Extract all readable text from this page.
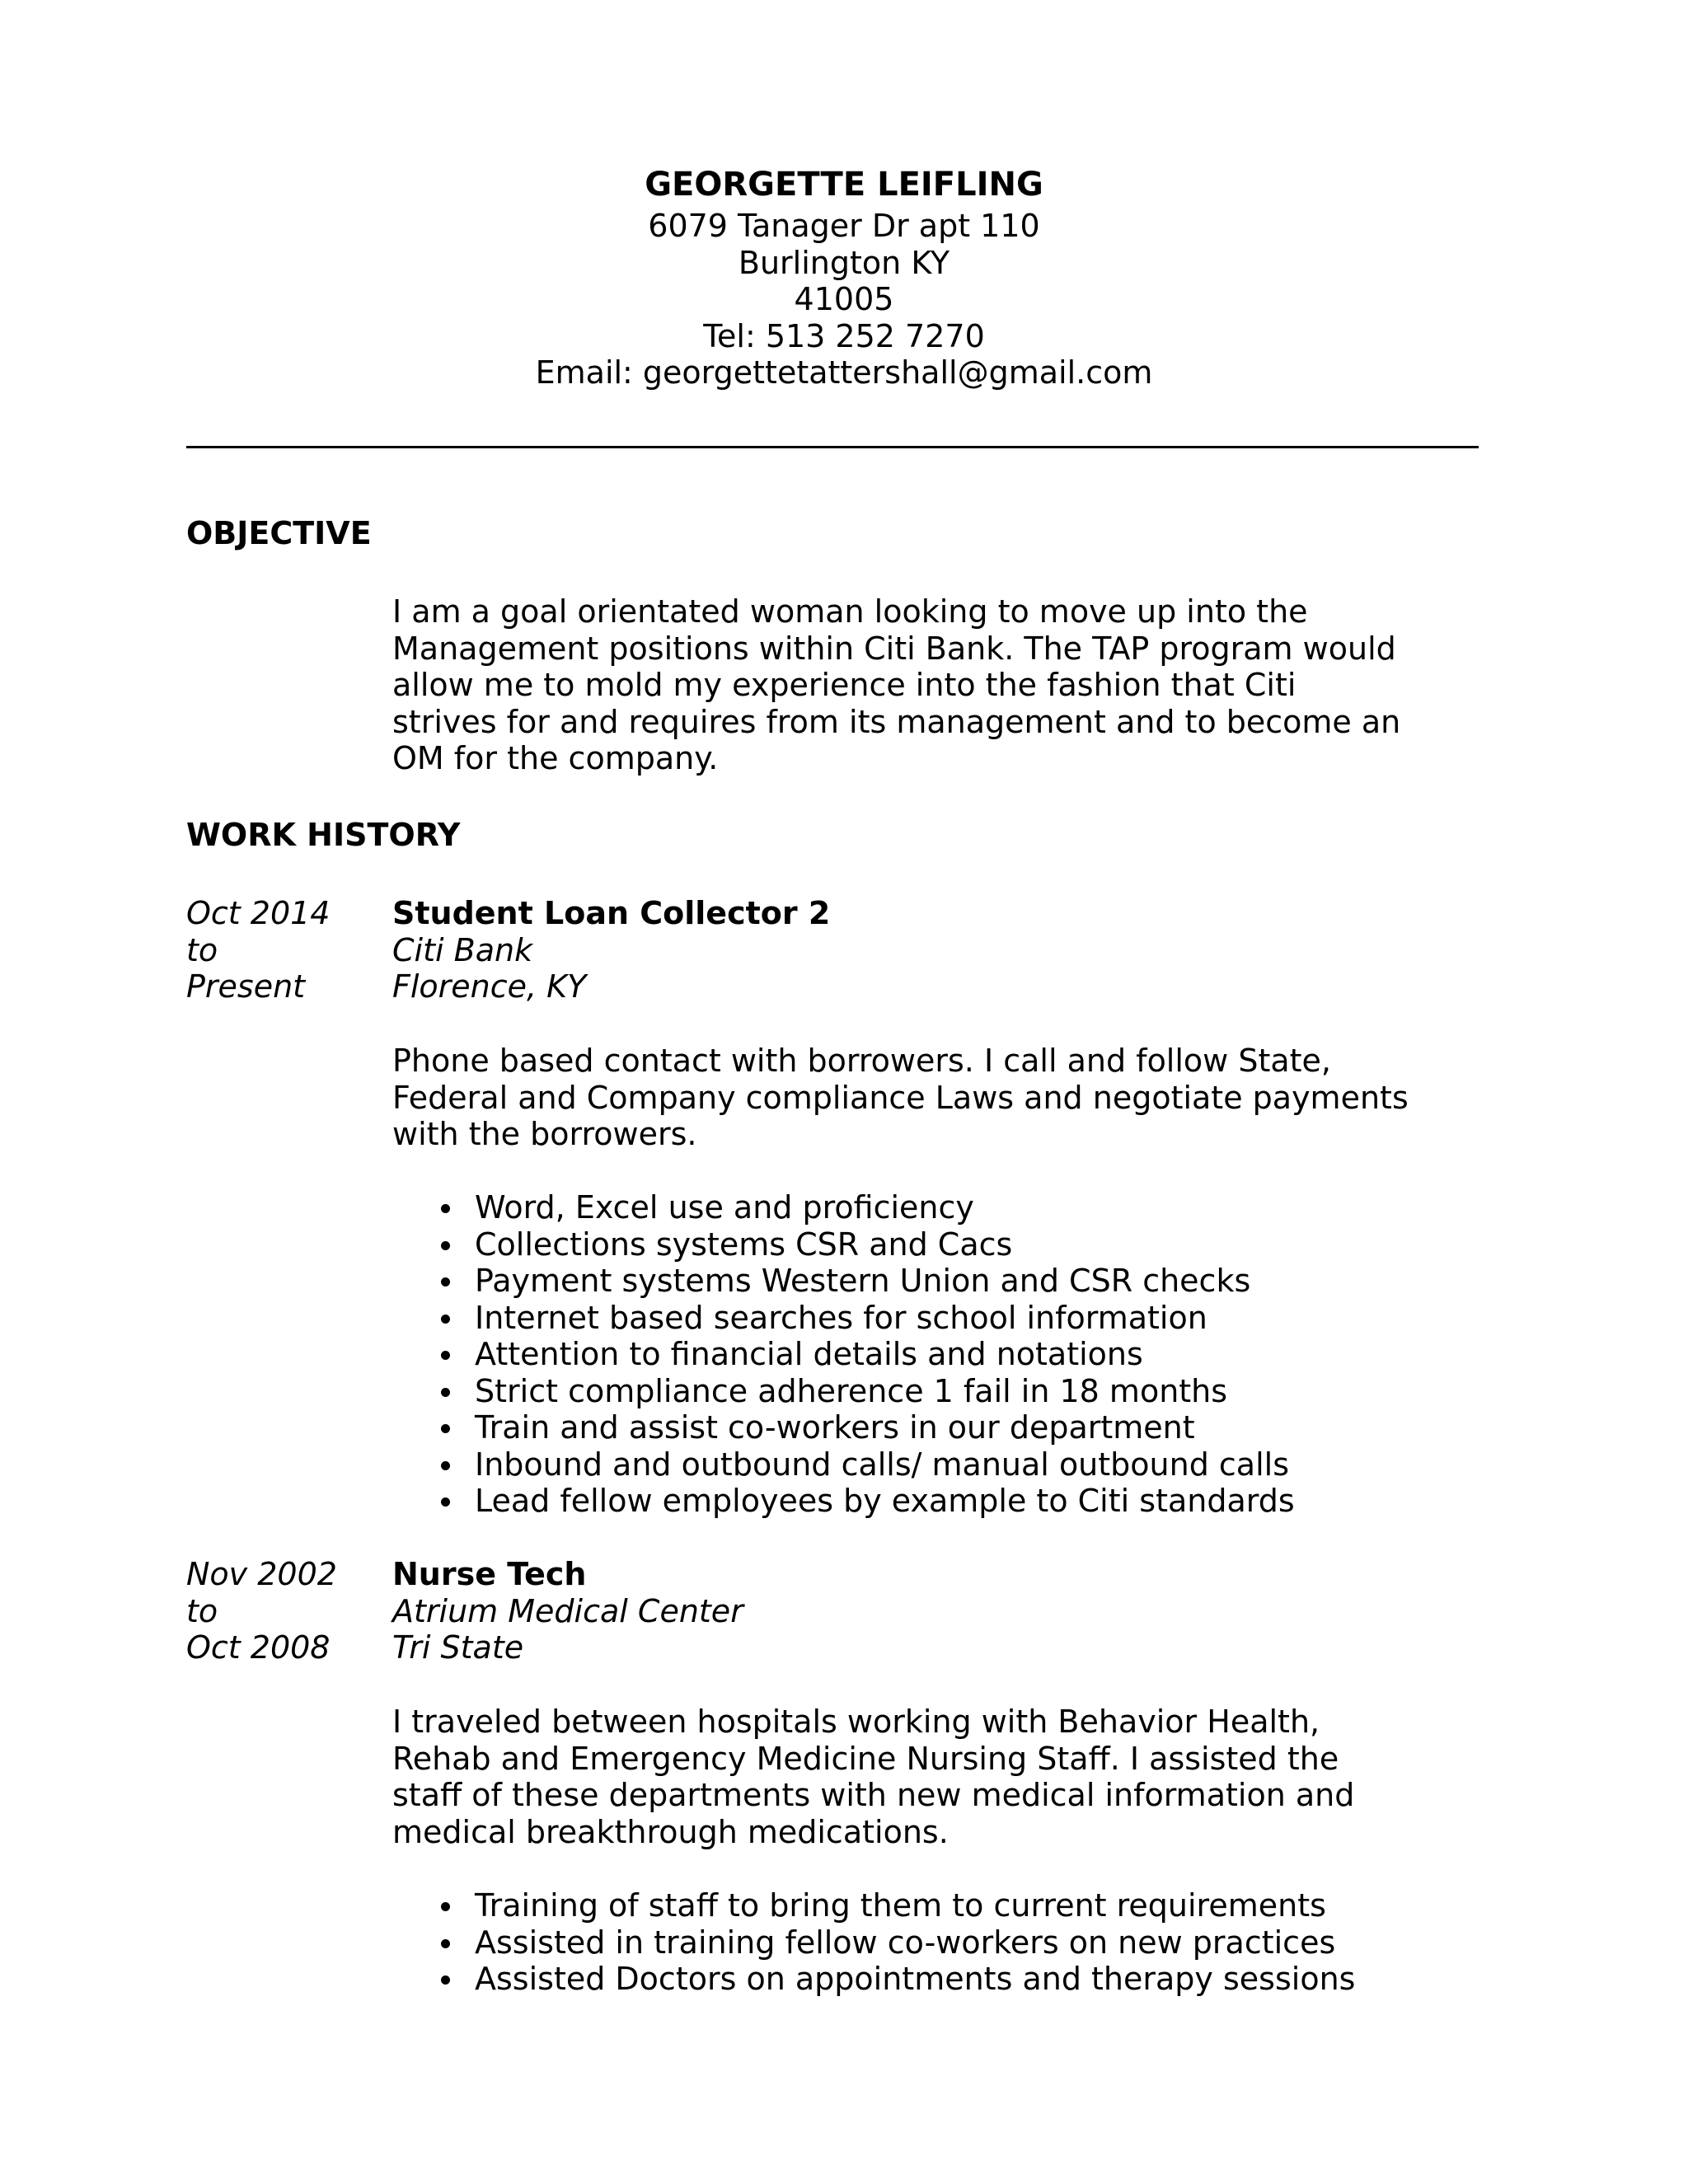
GEORGETTE LEIFLING
6079 Tanager Dr apt 110
Burlington KY
41005
Tel: 513 252 7270
Email: georgettetattershall@gmail.com
OBJECTIVE
I am a goal orientated woman looking to move up into the
Management positions within Citi Bank. The TAP program would
allow me to mold my experience into the fashion that Citi
strives for and requires from its management and to become an
OM for the company.
WORK HISTORY
Oct 2014
to
Present
Student Loan Collector 2
Citi Bank
Florence, KY
Phone based contact with borrowers. I call and follow State,
Federal and Company compliance Laws and negotiate payments
with the borrowers.
Word, Excel use and proficiency
Collections systems CSR and Cacs
Payment systems Western Union and CSR checks
Internet based searches for school information
Attention to financial details and notations
Strict compliance adherence 1 fail in 18 months
Train and assist co-workers in our department
Inbound and outbound calls/ manual outbound calls
Lead fellow employees by example to Citi standards
Nov 2002
to
Oct 2008
Nurse Tech
Atrium Medical Center
Tri State
I traveled between hospitals working with Behavior Health,
Rehab and Emergency Medicine Nursing Staff. I assisted the
staff of these departments with new medical information and
medical breakthrough medications.
Training of staff to bring them to current requirements
Assisted in training fellow co-workers on new practices
Assisted Doctors on appointments and therapy sessions
